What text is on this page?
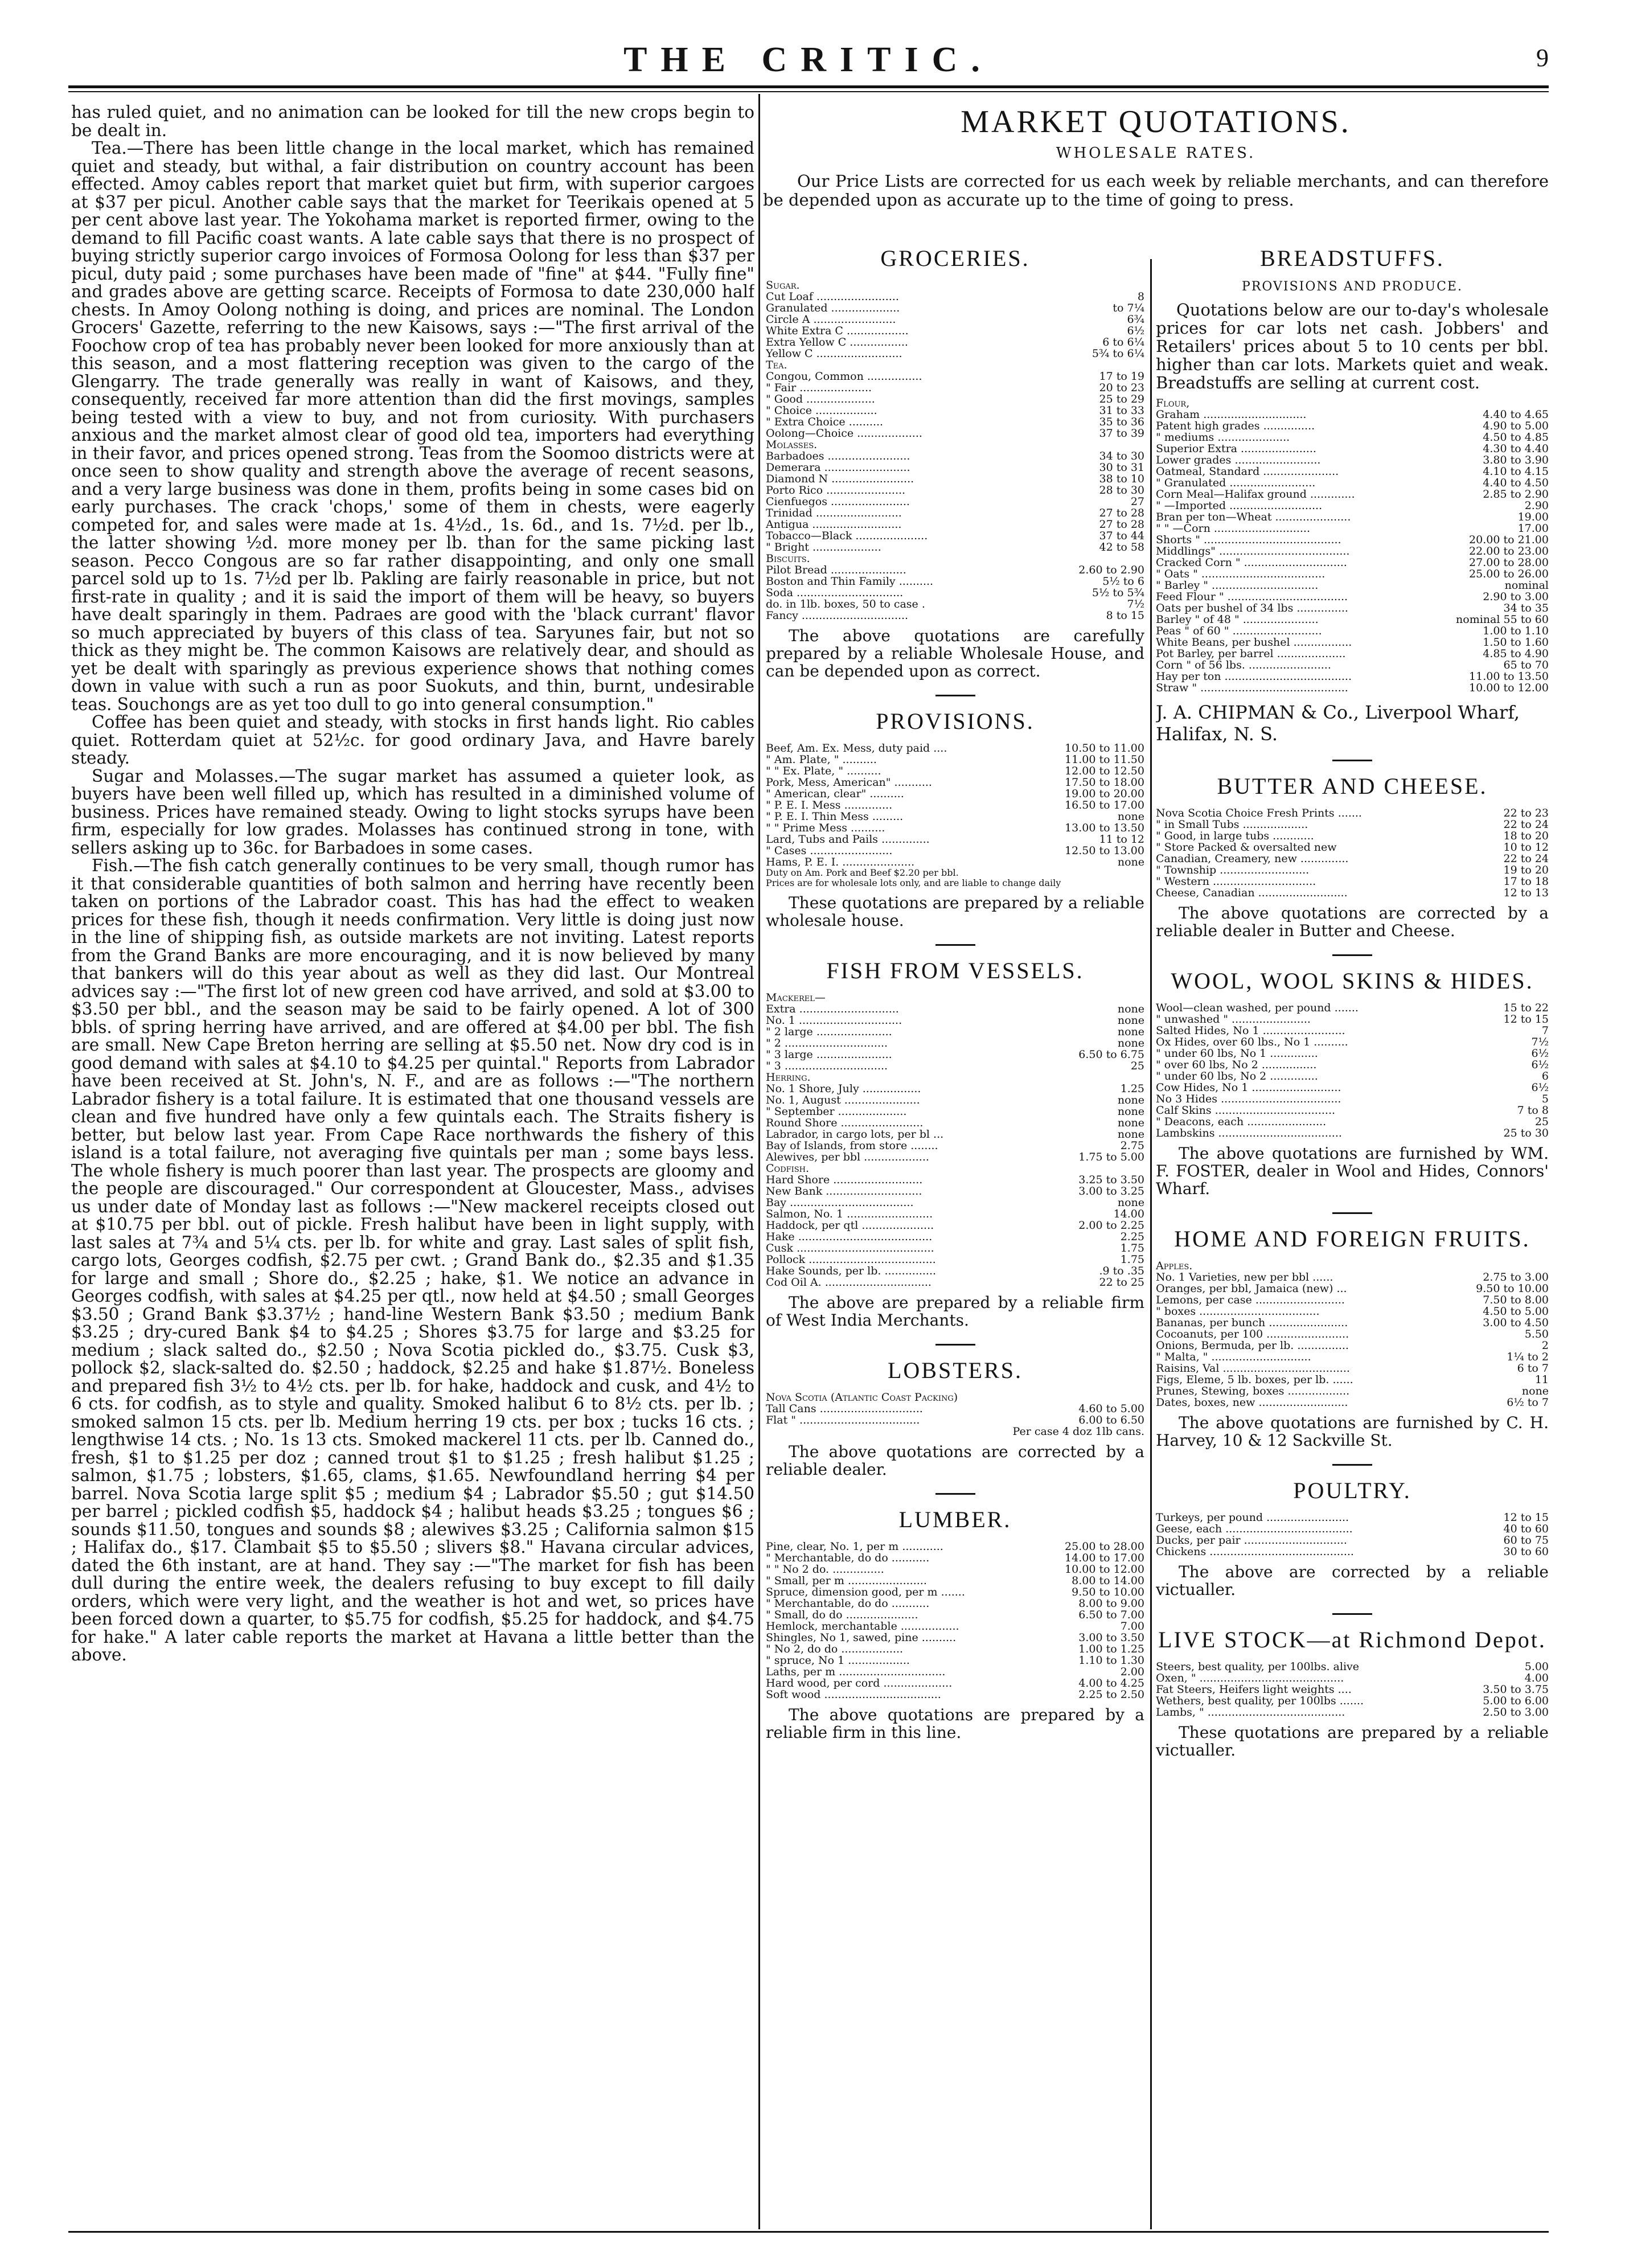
THE CRITIC.	9

has ruled quiet, and no animation can be looked for till the new crops begin to be dealt in.

Tea.—There has been little change in the local market, which has remained quiet and steady, but withal, a fair distribution on country account has been effected. Amoy cables report that market quiet but firm, with superior cargoes at $37 per picul. Another cable says that the market for Teerikais opened at 5 per cent above last year. The Yokohama market is reported firmer, owing to the demand to fill Pacific coast wants. A late cable says that there is no prospect of buying strictly superior cargo invoices of Formosa Oolong for less than $37 per picul, duty paid ; some purchases have been made of "fine" at $44. "Fully fine" and grades above are getting scarce. Receipts of Formosa to date 230,000 half chests. In Amoy Oolong nothing is doing, and prices are nominal. The London Grocers' Gazette, referring to the new Kaisows, says :—"The first arrival of the Foochow crop of tea has probably never been looked for more anxiously than at this season, and a most flattering reception was given to the cargo of the Glengarry. The trade generally was really in want of Kaisows, and they, consequently, received far more attention than did the first movings, samples being tested with a view to buy, and not from curiosity. With purchasers anxious and the market almost clear of good old tea, importers had everything in their favor, and prices opened strong. Teas from the Soomoo districts were at once seen to show quality and strength above the average of recent seasons, and a very large business was done in them, profits being in some cases bid on early purchases. The crack 'chops,' some of them in chests, were eagerly competed for, and sales were made at 1s. 4½d., 1s. 6d., and 1s. 7½d. per lb., the latter showing ½d. more money per lb. than for the same picking last season. Pecco Congous are so far rather disappointing, and only one small parcel sold up to 1s. 7½d per lb. Pakling are fairly reasonable in price, but not first-rate in quality ; and it is said the import of them will be heavy, so buyers have dealt sparingly in them. Padraes are good with the 'black currant' flavor so much appreciated by buyers of this class of tea. Saryunes fair, but not so thick as they might be. The common Kaisows are relatively dear, and should as yet be dealt with sparingly as previous experience shows that nothing comes down in value with such a run as poor Suokuts, and thin, burnt, undesirable teas. Souchongs are as yet too dull to go into general consumption."

Coffee has been quiet and steady, with stocks in first hands light. Rio cables quiet. Rotterdam quiet at 52½c. for good ordinary Java, and Havre barely steady.

Sugar and Molasses.—The sugar market has assumed a quieter look, as buyers have been well filled up, which has resulted in a diminished volume of business. Prices have remained steady. Owing to light stocks syrups have been firm, especially for low grades. Molasses has continued strong in tone, with sellers asking up to 36c. for Barbadoes in some cases.

Fish.—The fish catch generally continues to be very small, though rumor has it that considerable quantities of both salmon and herring have recently been taken on portions of the Labrador coast. This has had the effect to weaken prices for these fish, though it needs confirmation. Very little is doing just now in the line of shipping fish, as outside markets are not inviting. Latest reports from the Grand Banks are more encouraging, and it is now believed by many that bankers will do this year about as well as they did last. Our Montreal advices say :—"The first lot of new green cod have arrived, and sold at $3.00 to $3.50 per bbl., and the season may be said to be fairly opened. A lot of 300 bbls. of spring herring have arrived, and are offered at $4.00 per bbl. The fish are small. New Cape Breton herring are selling at $5.50 net. Now dry cod is in good demand with sales at $4.10 to $4.25 per quintal." Reports from Labrador have been received at St. John's, N. F., and are as follows :—"The northern Labrador fishery is a total failure. It is estimated that one thousand vessels are clean and five hundred have only a few quintals each. The Straits fishery is better, but below last year. From Cape Race northwards the fishery of this island is a total failure, not averaging five quintals per man ; some bays less. The whole fishery is much poorer than last year. The prospects are gloomy and the people are discouraged." Our correspondent at Gloucester, Mass., advises us under date of Monday last as follows :—"New mackerel receipts closed out at $10.75 per bbl. out of pickle. Fresh halibut have been in light supply, with last sales at 7¾ and 5¼ cts. per lb. for white and gray. Last sales of split fish, cargo lots, Georges codfish, $2.75 per cwt. ; Grand Bank do., $2.35 and $1.35 for large and small ; Shore do., $2.25 ; hake, $1. We notice an advance in Georges codfish, with sales at $4.25 per qtl., now held at $4.50 ; small Georges $3.50 ; Grand Bank $3.37½ ; hand-line Western Bank $3.50 ; medium Bank $3.25 ; dry-cured Bank $4 to $4.25 ; Shores $3.75 for large and $3.25 for medium ; slack salted do., $2.50 ; Nova Scotia pickled do., $3.75. Cusk $3, pollock $2, slack-salted do. $2.50 ; haddock, $2.25 and hake $1.87½. Boneless and prepared fish 3½ to 4½ cts. per lb. for hake, haddock and cusk, and 4½ to 6 cts. for codfish, as to style and quality. Smoked halibut 6 to 8½ cts. per lb. ; smoked salmon 15 cts. per lb. Medium herring 19 cts. per box ; tucks 16 cts. ; lengthwise 14 cts. ; No. 1s 13 cts. Smoked mackerel 11 cts. per lb. Canned do., fresh, $1 to $1.25 per doz ; canned trout $1 to $1.25 ; fresh halibut $1.25 ; salmon, $1.75 ; lobsters, $1.65, clams, $1.65. Newfoundland herring $4 per barrel. Nova Scotia large split $5 ; medium $4 ; Labrador $5.50 ; gut $14.50 per barrel ; pickled codfish $5, haddock $4 ; halibut heads $3.25 ; tongues $6 ; sounds $11.50, tongues and sounds $8 ; alewives $3.25 ; California salmon $15 ; Halifax do., $17. Clambait $5 to $5.50 ; slivers $8." Havana circular advices, dated the 6th instant, are at hand. They say :—"The market for fish has been dull during the entire week, the dealers refusing to buy except to fill daily orders, which were very light, and the weather is hot and wet, so prices have been forced down a quarter, to $5.75 for codfish, $5.25 for haddock, and $4.75 for hake." A later cable reports the market at Havana a little better than the above.

MARKET QUOTATIONS.
WHOLESALE RATES.
Our Price Lists are corrected for us each week by reliable merchants, and can therefore be depended upon as accurate up to the time of going to press.
GROCERIES.
Sugar.	
Cut Loaf ........................	8
Granulated ....................	to 7¼
Circle A ........................	6¾
White Extra C ..................	6½
Extra Yellow C .................	6 to 6¼
Yellow C .........................	5¾ to 6¼
Tea.	
Congou, Common ................	17 to 19
" Fair .....................	20 to 23
" Good ....................	25 to 29
" Choice ..................	31 to 33
" Extra Choice ..........	35 to 36
Oolong—Choice ...................	37 to 39
Molasses.	
Barbadoes ........................	34 to 30
Demerara .........................	30 to 31
Diamond N ........................	38 to 10
Porto Rico .......................	28 to 30
Cienfuegos .......................	27
Trinidad .........................	27 to 28
Antigua ..........................	27 to 28
Tobacco—Black .....................	37 to 44
" Bright ....................	42 to 58
Biscuits.	
Pilot Bread ......................	2.60 to 2.90
Boston and Thin Family ..........	5½ to 6
Soda ...............................	5½ to 5¾
do. in 1lb. boxes, 50 to case .	7½
Fancy ...............................	8 to 15
The above quotations are carefully prepared by a reliable Wholesale House, and can be depended upon as correct.
PROVISIONS.
Beef, Am. Ex. Mess, duty paid ....	10.50 to 11.00
" Am. Plate, " ..........	11.00 to 11.50
" " Ex. Plate, " ..........	12.00 to 12.50
Pork, Mess, American" ...........	17.50 to 18.00
" American, clear" ..........	19.00 to 20.00
" P. E. I. Mess ..............	16.50 to 17.00
" P. E. I. Thin Mess .........	none
" " Prime Mess ..........	13.00 to 13.50
Lard, Tubs and Pails ..............	11 to 12
" Cases ........................	12.50 to 13.00
Hams, P. E. I. .....................	none
Duty on Am. Pork and Beef $2.20 per bbl.
Prices are for wholesale lots only, and are liable to change daily
These quotations are prepared by a reliable wholesale house.
FISH FROM VESSELS.
Mackerel—	
Extra .............................	none
No. 1 ..............................	none
" 2 large ......................	none
" 2 ..............................	none
" 3 large ......................	6.50 to 6.75
" 3 ..............................	25
Herring.	
No. 1 Shore, July .................	1.25
No. 1, August ......................	none
" September ....................	none
Round Shore ........................	none
Labrador, in cargo lots, per bl ...	none
Bay of Islands, from store ........	2.75
Alewives, per bbl ...................	1.75 to 5.00
Codfish.	
Hard Shore ..........................	3.25 to 3.50
New Bank ............................	3.00 to 3.25
Bay ....................................	none
Salmon, No. 1 .........................	14.00
Haddock, per qtl .....................	2.00 to 2.25
Hake .......................................	2.25
Cusk ........................................	1.75
Pollock .....................................	1.75
Hake Sounds, per lb. ...............	.9 to .35
Cod Oil A. ...............................	22 to 25
The above are prepared by a reliable firm of West India Merchants.
LOBSTERS.
Nova Scotia (Atlantic Coast Packing)	
Tall Cans ..............................	4.60 to 5.00
Flat " ...................................	6.00 to 6.50
	Per case 4 doz 1lb cans.
The above quotations are corrected by a reliable dealer.
LUMBER.
Pine, clear, No. 1, per m ............	25.00 to 28.00
" Merchantable, do do ...........	14.00 to 17.00
" " No 2 do. ...............	10.00 to 12.00
" Small, per m .......................	8.00 to 14.00
Spruce, dimension good, per m .......	9.50 to 10.00
" Merchantable, do do ...........	8.00 to 9.00
" Small, do do .....................	6.50 to 7.00
Hemlock, merchantable .................	7.00
Shingles, No 1, sawed, pine ..........	3.00 to 3.50
" No 2, do do ..................	1.00 to 1.25
" spruce, No 1 ..................	1.10 to 1.30
Laths, per m ...............................	2.00
Hard wood, per cord ....................	4.00 to 4.25
Soft wood ..................................	2.25 to 2.50
The above quotations are prepared by a reliable firm in this line.
BREADSTUFFS.
PROVISIONS AND PRODUCE.
Quotations below are our to-day's wholesale prices for car lots net cash. Jobbers' and Retailers' prices about 5 to 10 cents per bbl. higher than car lots. Markets quiet and weak. Breadstuffs are selling at current cost.
Flour,	
Graham ..............................	4.40 to 4.65
Patent high grades ...............	4.90 to 5.00
" mediums .....................	4.50 to 4.85
Superior Extra ......................	4.30 to 4.40
Lower grades .........................	3.80 to 3.90
Oatmeal, Standard ......................	4.10 to 4.15
" Granulated .........................	4.40 to 4.50
Corn Meal—Halifax ground .............	2.85 to 2.90
" —Imported ...........................	2.90
Bran per ton—Wheat ......................	19.00
" " —Corn ............................	17.00
Shorts " ........................................	20.00 to 21.00
Middlings" ......................................	22.00 to 23.00
Cracked Corn " ..............................	27.00 to 28.00
" Oats " ....................................	25.00 to 26.00
" Barley " ...............................	nominal
Feed Flour " ...................................	2.90 to 3.00
Oats per bushel of 34 lbs ...............	34 to 35
Barley " of 48 " ......................	nominal 55 to 60
Peas " of 60 " ..........................	1.00 to 1.10
White Beans, per bushel .................	1.50 to 1.60
Pot Barley, per barrel ....................	4.85 to 4.90
Corn " of 56 lbs. ........................	65 to 70
Hay per ton .....................................	11.00 to 13.50
Straw " ...........................................	10.00 to 12.00
J. A. CHIPMAN & Co., Liverpool Wharf, Halifax, N. S.
BUTTER AND CHEESE.
Nova Scotia Choice Fresh Prints .......	22 to 23
" in Small Tubs ...................	22 to 24
" Good, in large tubs ............	18 to 20
" Store Packed & oversalted new	10 to 12
Canadian, Creamery, new ..............	22 to 24
" Township ..........................	19 to 20
" Western ..............................	17 to 18
Cheese, Canadian ..........................	12 to 13
The above quotations are corrected by a reliable dealer in Butter and Cheese.
WOOL, WOOL SKINS & HIDES.
Wool—clean washed, per pound .......	15 to 22
" unwashed " .......................	12 to 15
Salted Hides, No 1 ........................	7
Ox Hides, over 60 lbs., No 1 ..........	7½
" under 60 lbs, No 1 ..............	6½
" over 60 lbs, No 2 ................	6½
" under 60 lbs, No 2 ..............	6
Cow Hides, No 1 ..........................	6½
No 3 Hides ...................................	5
Calf Skins ...................................	7 to 8
" Deacons, each .......................	25
Lambskins ....................................	25 to 30
The above quotations are furnished by WM. F. FOSTER, dealer in Wool and Hides, Connors' Wharf.
HOME AND FOREIGN FRUITS.
Apples.	
No. 1 Varieties, new per bbl ......	2.75 to 3.00
Oranges, per bbl, Jamaica (new) ...	9.50 to 10.00
Lemons, per case ..........................	7.50 to 8.00
" boxes ...................................	4.50 to 5.00
Bananas, per bunch .......................	3.00 to 4.50
Cocoanuts, per 100 ........................	5.50
Onions, Bermuda, per lb. ...............	2
" Malta, " .............................	1¼ to 2
Raisins, Val .....................................	6 to 7
Figs, Eleme, 5 lb. boxes, per lb. ......	11
Prunes, Stewing, boxes ..................	none
Dates, boxes, new ..........................	6½ to 7
The above quotations are furnished by C. H. Harvey, 10 & 12 Sackville St.
POULTRY.
Turkeys, per pound ........................	12 to 15
Geese, each .....................................	40 to 60
Ducks, per pair ..............................	60 to 75
Chickens ..........................................	30 to 60
The above are corrected by a reliable victualler.
LIVE STOCK—at Richmond Depot.
Steers, best quality, per 100lbs. alive	5.00
Oxen, " ..........................................	4.00
Fat Steers, Heifers light weights ....	3.50 to 3.75
Wethers, best quality, per 100lbs .......	5.00 to 6.00
Lambs, " ........................................	2.50 to 3.00
These quotations are prepared by a reliable victualler.
